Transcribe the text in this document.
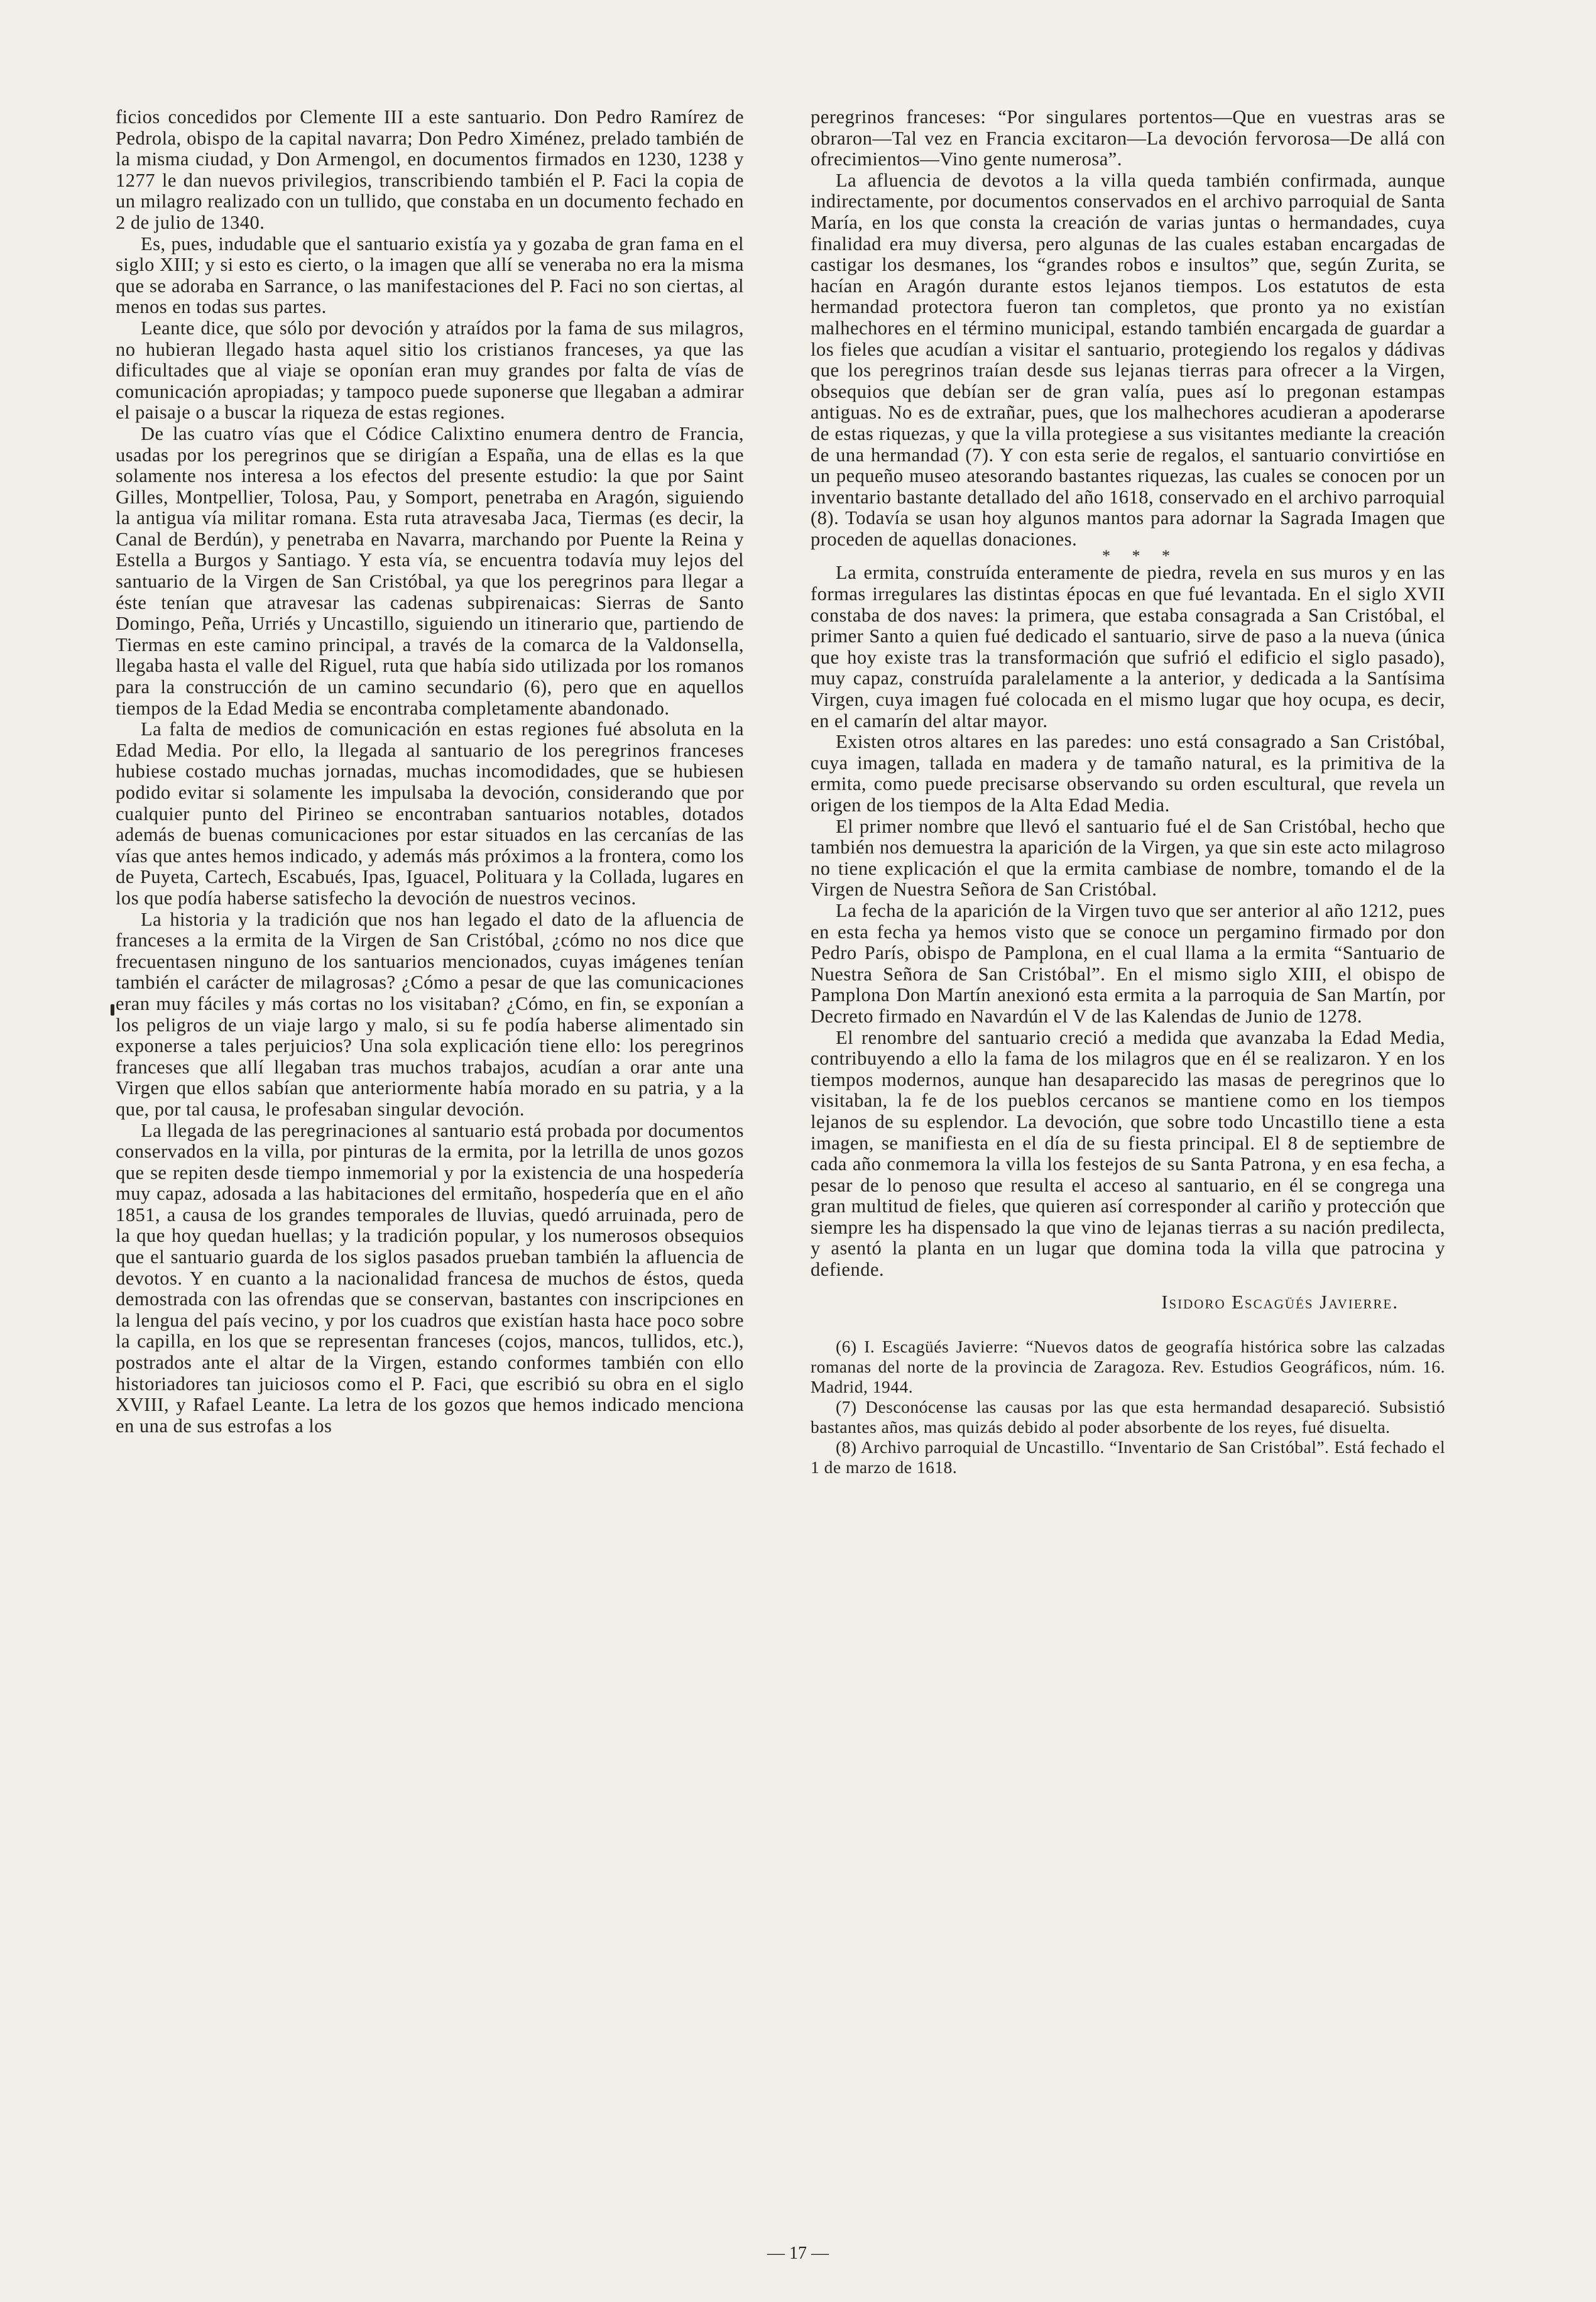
ficios concedidos por Clemente III a este santuario. Don Pedro Ramírez de Pedrola, obispo de la capital navarra; Don Pedro Ximénez, prelado también de la misma ciudad, y Don Armengol, en documentos firmados en 1230, 1238 y 1277 le dan nuevos privilegios, transcribiendo también el P. Faci la copia de un milagro realizado con un tullido, que constaba en un documento fechado en 2 de julio de 1340.

Es, pues, indudable que el santuario existía ya y gozaba de gran fama en el siglo XIII; y si esto es cierto, o la imagen que allí se veneraba no era la misma que se adoraba en Sarrance, o las manifestaciones del P. Faci no son ciertas, al menos en todas sus partes.

Leante dice, que sólo por devoción y atraídos por la fama de sus milagros, no hubieran llegado hasta aquel sitio los cristianos franceses, ya que las dificultades que al viaje se oponían eran muy grandes por falta de vías de comunicación apropiadas; y tampoco puede suponerse que llegaban a admirar el paisaje o a buscar la riqueza de estas regiones.

De las cuatro vías que el Códice Calixtino enumera dentro de Francia, usadas por los peregrinos que se dirigían a España, una de ellas es la que solamente nos interesa a los efectos del presente estudio: la que por Saint Gilles, Montpellier, Tolosa, Pau, y Somport, penetraba en Aragón, siguiendo la antigua vía militar romana. Esta ruta atravesaba Jaca, Tiermas (es decir, la Canal de Berdún), y penetraba en Navarra, marchando por Puente la Reina y Estella a Burgos y Santiago. Y esta vía, se encuentra todavía muy lejos del santuario de la Virgen de San Cristóbal, ya que los peregrinos para llegar a éste tenían que atravesar las cadenas subpirenaicas: Sierras de Santo Domingo, Peña, Urriés y Uncastillo, siguiendo un itinerario que, partiendo de Tiermas en este camino principal, a través de la comarca de la Valdonsella, llegaba hasta el valle del Riguel, ruta que había sido utilizada por los romanos para la construcción de un camino secundario (6), pero que en aquellos tiempos de la Edad Media se encontraba completamente abandonado.

La falta de medios de comunicación en estas regiones fué absoluta en la Edad Media. Por ello, la llegada al santuario de los peregrinos franceses hubiese costado muchas jornadas, muchas incomodidades, que se hubiesen podido evitar si solamente les impulsaba la devoción, considerando que por cualquier punto del Pirineo se encontraban santuarios notables, dotados además de buenas comunicaciones por estar situados en las cercanías de las vías que antes hemos indicado, y además más próximos a la frontera, como los de Puyeta, Cartech, Escabués, Ipas, Iguacel, Polituara y la Collada, lugares en los que podía haberse satisfecho la devoción de nuestros vecinos.

La historia y la tradición que nos han legado el dato de la afluencia de franceses a la ermita de la Virgen de San Cristóbal, ¿cómo no nos dice que frecuentasen ninguno de los santuarios mencionados, cuyas imágenes tenían también el carácter de milagrosas? ¿Cómo a pesar de que las comunicaciones eran muy fáciles y más cortas no los visitaban? ¿Cómo, en fin, se exponían a los peligros de un viaje largo y malo, si su fe podía haberse alimentado sin exponerse a tales perjuicios? Una sola explicación tiene ello: los peregrinos franceses que allí llegaban tras muchos trabajos, acudían a orar ante una Virgen que ellos sabían que anteriormente había morado en su patria, y a la que, por tal causa, le profesaban singular devoción.

La llegada de las peregrinaciones al santuario está probada por documentos conservados en la villa, por pinturas de la ermita, por la letrilla de unos gozos que se repiten desde tiempo inmemorial y por la existencia de una hospedería muy capaz, adosada a las habitaciones del ermitaño, hospedería que en el año 1851, a causa de los grandes temporales de lluvias, quedó arruinada, pero de la que hoy quedan huellas; y la tradición popular, y los numerosos obsequios que el santuario guarda de los siglos pasados prueban también la afluencia de devotos. Y en cuanto a la nacionalidad francesa de muchos de éstos, queda demostrada con las ofrendas que se conservan, bastantes con inscripciones en la lengua del país vecino, y por los cuadros que existían hasta hace poco sobre la capilla, en los que se representan franceses (cojos, mancos, tullidos, etc.), postrados ante el altar de la Virgen, estando conformes también con ello historiadores tan juiciosos como el P. Faci, que escribió su obra en el siglo XVIII, y Rafael Leante. La letra de los gozos que hemos indicado menciona en una de sus estrofas a los

peregrinos franceses: “Por singulares portentos—Que en vuestras aras se obraron—Tal vez en Francia excitaron—La devoción fervorosa—De allá con ofrecimientos—Vino gente numerosa”.

La afluencia de devotos a la villa queda también confirmada, aunque indirectamente, por documentos conservados en el archivo parroquial de Santa María, en los que consta la creación de varias juntas o hermandades, cuya finalidad era muy diversa, pero algunas de las cuales estaban encargadas de castigar los desmanes, los “grandes robos e insultos” que, según Zurita, se hacían en Aragón durante estos lejanos tiempos. Los estatutos de esta hermandad protectora fueron tan completos, que pronto ya no existían malhechores en el término municipal, estando también encargada de guardar a los fieles que acudían a visitar el santuario, protegiendo los regalos y dádivas que los peregrinos traían desde sus lejanas tierras para ofrecer a la Virgen, obsequios que debían ser de gran valía, pues así lo pregonan estampas antiguas. No es de extrañar, pues, que los malhechores acudieran a apoderarse de estas riquezas, y que la villa protegiese a sus visitantes mediante la creación de una hermandad (7). Y con esta serie de regalos, el santuario convirtióse en un pequeño museo atesorando bastantes riquezas, las cuales se conocen por un inventario bastante detallado del año 1618, conservado en el archivo parroquial (8). Todavía se usan hoy algunos mantos para adornar la Sagrada Imagen que proceden de aquellas donaciones.

* * *

La ermita, construída enteramente de piedra, revela en sus muros y en las formas irregulares las distintas épocas en que fué levantada. En el siglo XVII constaba de dos naves: la primera, que estaba consagrada a San Cristóbal, el primer Santo a quien fué dedicado el santuario, sirve de paso a la nueva (única que hoy existe tras la transformación que sufrió el edificio el siglo pasado), muy capaz, construída paralelamente a la anterior, y dedicada a la Santísima Virgen, cuya imagen fué colocada en el mismo lugar que hoy ocupa, es decir, en el camarín del altar mayor.

Existen otros altares en las paredes: uno está consagrado a San Cristóbal, cuya imagen, tallada en madera y de tamaño natural, es la primitiva de la ermita, como puede precisarse observando su orden escultural, que revela un origen de los tiempos de la Alta Edad Media.

El primer nombre que llevó el santuario fué el de San Cristóbal, hecho que también nos demuestra la aparición de la Virgen, ya que sin este acto milagroso no tiene explicación el que la ermita cambiase de nombre, tomando el de la Virgen de Nuestra Señora de San Cristóbal.

La fecha de la aparición de la Virgen tuvo que ser anterior al año 1212, pues en esta fecha ya hemos visto que se conoce un pergamino firmado por don Pedro París, obispo de Pamplona, en el cual llama a la ermita “Santuario de Nuestra Señora de San Cristóbal”. En el mismo siglo XIII, el obispo de Pamplona Don Martín anexionó esta ermita a la parroquia de San Martín, por Decreto firmado en Navardún el V de las Kalendas de Junio de 1278.

El renombre del santuario creció a medida que avanzaba la Edad Media, contribuyendo a ello la fama de los milagros que en él se realizaron. Y en los tiempos modernos, aunque han desaparecido las masas de peregrinos que lo visitaban, la fe de los pueblos cercanos se mantiene como en los tiempos lejanos de su esplendor. La devoción, que sobre todo Uncastillo tiene a esta imagen, se manifiesta en el día de su fiesta principal. El 8 de septiembre de cada año conmemora la villa los festejos de su Santa Patrona, y en esa fecha, a pesar de lo penoso que resulta el acceso al santuario, en él se congrega una gran multitud de fieles, que quieren así corresponder al cariño y protección que siempre les ha dispensado la que vino de lejanas tierras a su nación predilecta, y asentó la planta en un lugar que domina toda la villa que patrocina y defiende.

Isidoro Escagüés Javierre.

(6) I. Escagüés Javierre: “Nuevos datos de geografía histórica sobre las calzadas romanas del norte de la provincia de Zaragoza. Rev. Estudios Geográficos, núm. 16. Madrid, 1944.

(7) Desconócense las causas por las que esta hermandad desapareció. Subsistió bastantes años, mas quizás debido al poder absorbente de los reyes, fué disuelta.

(8) Archivo parroquial de Uncastillo. “Inventario de San Cristóbal”. Está fechado el 1 de marzo de 1618.

— 17 —
